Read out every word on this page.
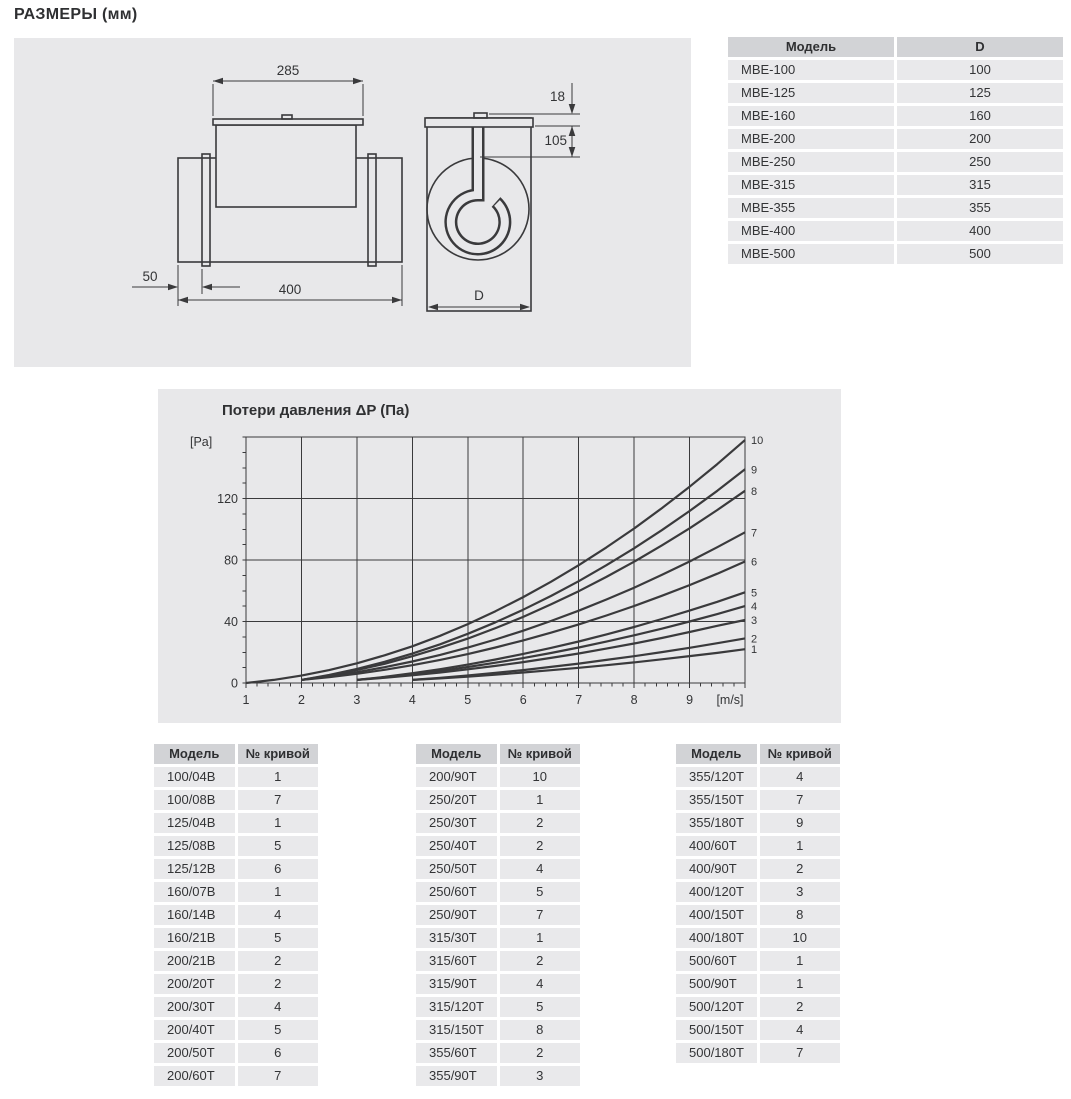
РАЗМЕРЫ (мм)
285
50
400
18
105
D
Модель	D
МВЕ-100	100
МВЕ-125	125
МВЕ-160	160
МВЕ-200	200
МВЕ-250	250
МВЕ-315	315
МВЕ-355	355
МВЕ-400	400
МВЕ-500	500
Потери давления ΔP (Па)
1
2
3
4
5
6
7
8
9
10
1	2	3	4	5	6	7	8	9 [m/s]
0
40
80
120
[Pa]
Модель	№ кривой
100/04В	1
100/08В	7
125/04В	1
125/08В	5
125/12В	6
160/07В	1
160/14В	4
160/21В	5
200/21В	2
200/20Т	2
200/30Т	4
200/40Т	5
200/50Т	6
200/60Т	7
Модель	№ кривой
200/90Т	10
250/20Т	1
250/30Т	2
250/40Т	2
250/50Т	4
250/60Т	5
250/90Т	7
315/30Т	1
315/60Т	2
315/90Т	4
315/120Т	5
315/150Т	8
355/60Т	2
355/90Т	3
Модель	№ кривой
355/120Т	4
355/150Т	7
355/180Т	9
400/60Т	1
400/90Т	2
400/120Т	3
400/150Т	8
400/180Т	10
500/60Т	1
500/90Т	1
500/120Т	2
500/150Т	4
500/180Т	7
